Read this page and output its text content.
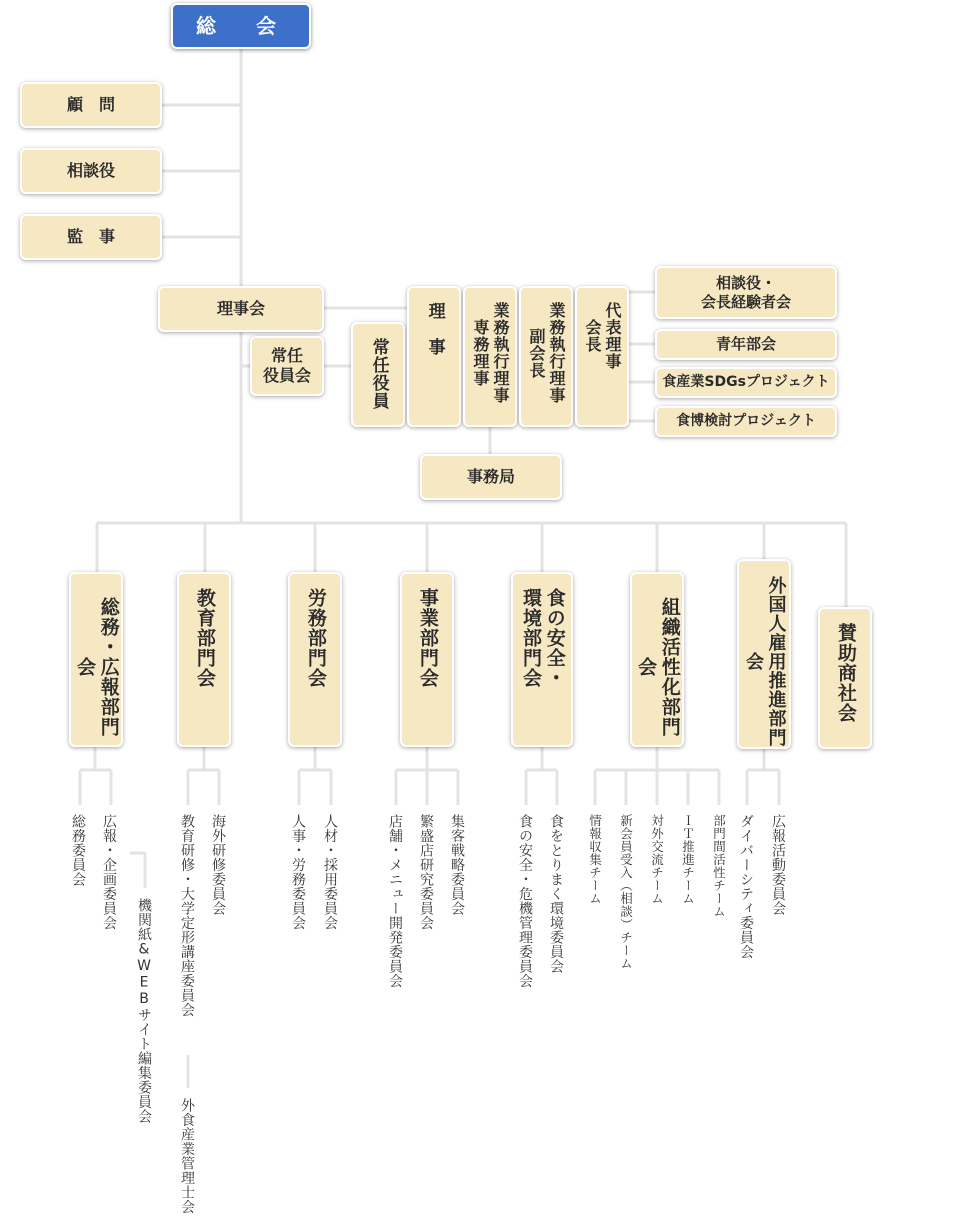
総　会
顧　問
相談役
監　事
理事会
常任
役員会	常任役員
理　事	業務執行理事
専務理事	業務執行理事
副会長	代表理事
会長
相談役・
会長経験者会
青年部会
食産業SDGsプロジェクト
食博検討プロジェクト
事務局
総務・広報部門会	教育部門会	労務部門会	事業部門会	食の安全・
環境部門会	組織活性化部門会	外国人雇用推進部門会	賛助商社会
総務委員会 広報・企画委員会
機関紙&WEBサイト編集委員会 教育研修・大学定形講座委員会 海外研修委員会
外食産業管理士会
人事・労務委員会 人材・採用委員会	店舗・メニュー開発委員会 繁盛店研究委員会 集客戦略委員会	食の安全・危機管理委員会 食をとりまく環境委員会 情報収集チーム 新会員受入（相談）チーム 対外交流チーム ＩＴ推進チーム 部門間活性チーム ダイバーシティ委員会 広報活動委員会
